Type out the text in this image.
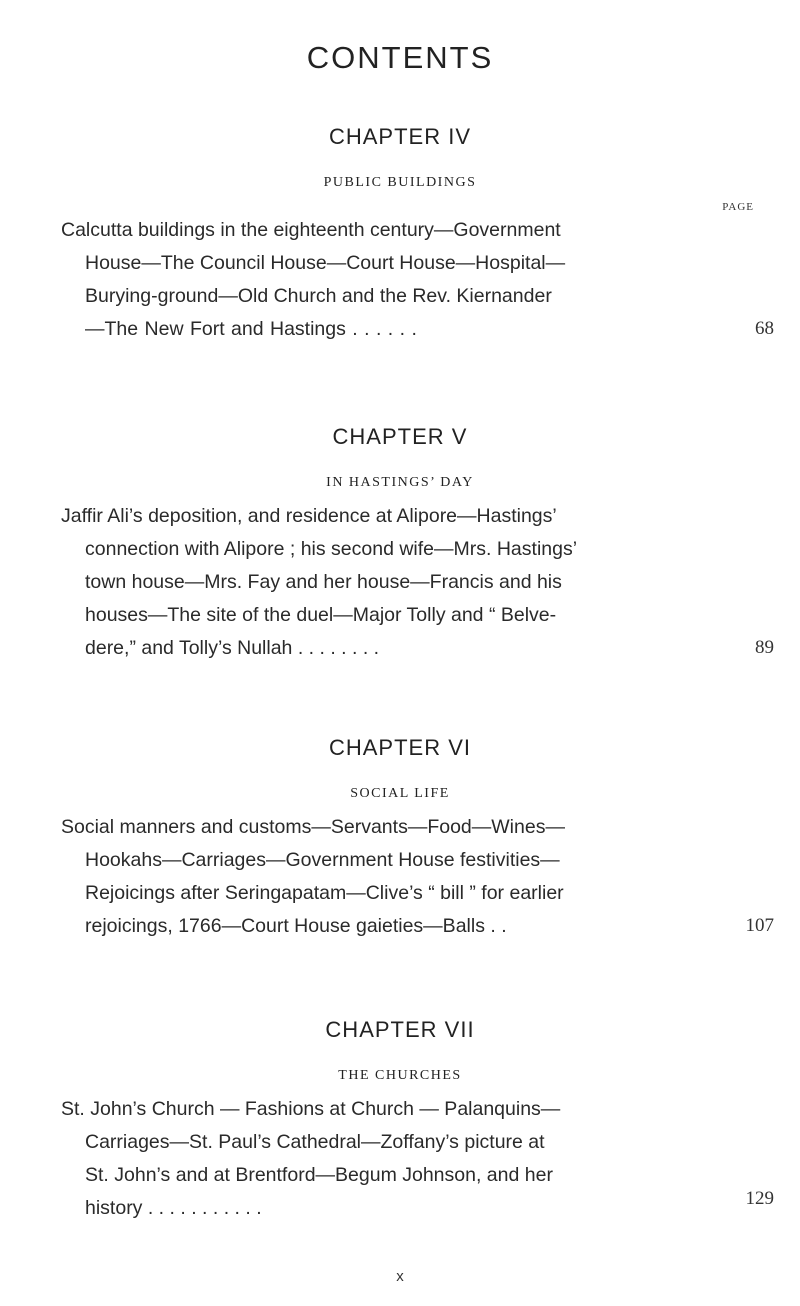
CONTENTS
CHAPTER IV
PUBLIC BUILDINGS
PAGE
Calcutta buildings in the eighteenth century—Government
House—The Council House—Court House—Hospital—
Burying-ground—Old Church and the Rev. Kiernander
—The New Fort and Hastings . . . . . .	68
CHAPTER V
IN HASTINGS’ DAY
Jaffir Ali’s deposition, and residence at Alipore—Hastings’
connection with Alipore ; his second wife—Mrs. Hastings’
town house—Mrs. Fay and her house—Francis and his
houses—The site of the duel—Major Tolly and “ Belve-
dere,” and Tolly’s Nullah . . . . . . . .	89
CHAPTER VI
SOCIAL LIFE
Social manners and customs—Servants—Food—Wines—
Hookahs—Carriages—Government House festivities—
Rejoicings after Seringapatam—Clive’s “ bill ” for earlier
rejoicings, 1766—Court House gaieties—Balls . .	107
CHAPTER VII
THE CHURCHES
St. John’s Church — Fashions at Church — Palanquins—
Carriages—St. Paul’s Cathedral—Zoffany’s picture at
St. John’s and at Brentford—Begum Johnson, and her
history . . . . . . . . . . .	129
x
